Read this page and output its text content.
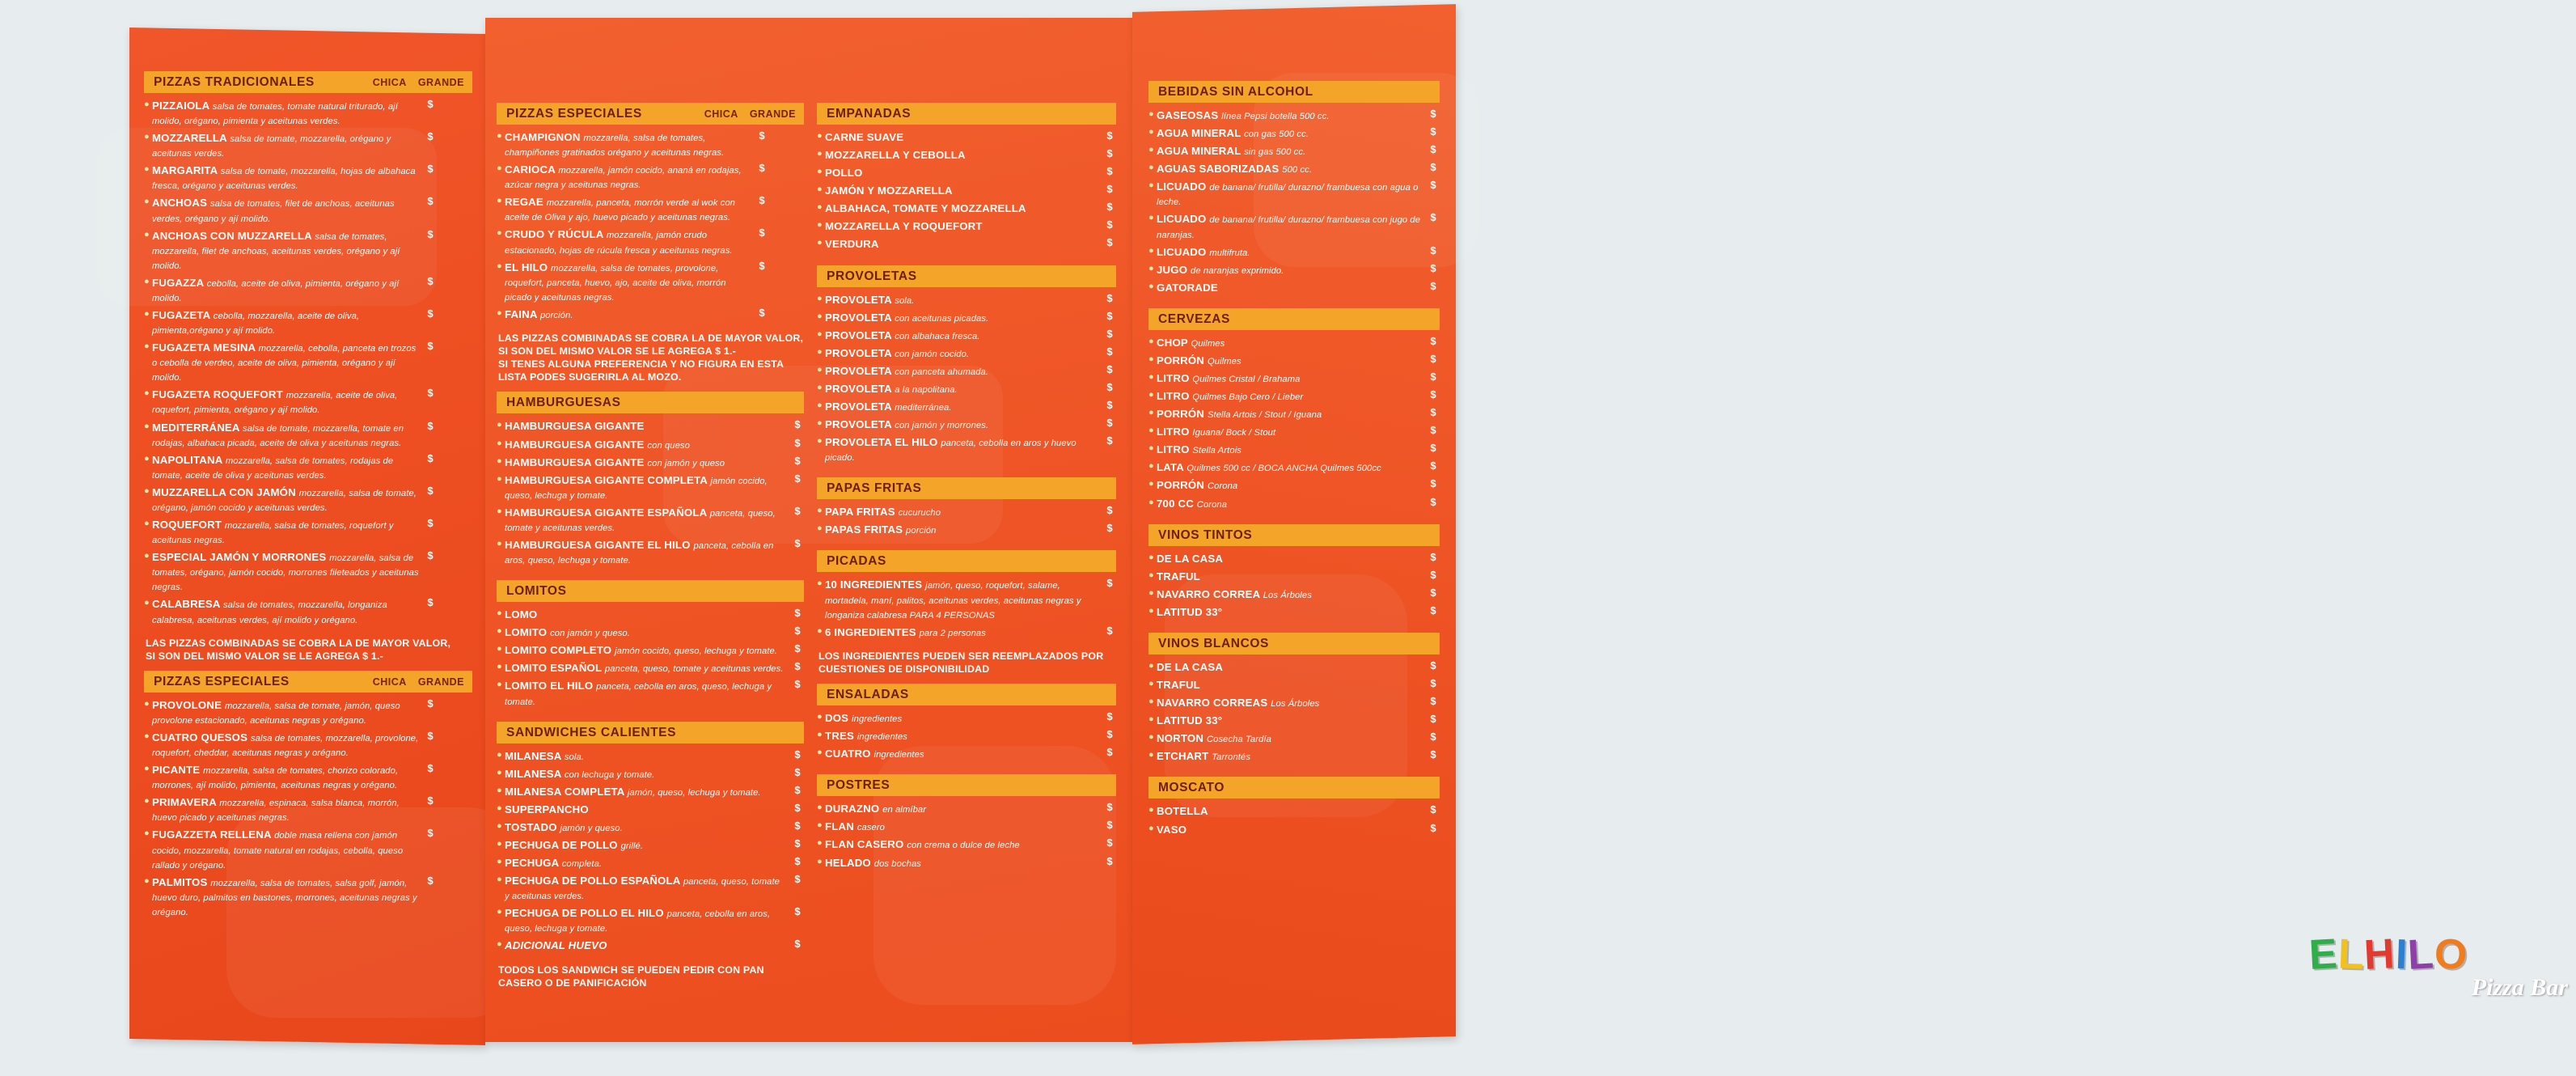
PIZZAS TRADICIONALES	CHICA GRANDE
● PIZZAIOLA salsa de tomates, tomate natural triturado, ají molido, orégano, pimienta y aceitunas verdes.
$
● MOZZARELLA salsa de tomate, mozzarella, orégano y aceitunas verdes.
$
● MARGARITA salsa de tomate, mozzarella, hojas de albahaca fresca, orégano y aceitunas verdes.
$
● ANCHOAS salsa de tomates, filet de anchoas, aceitunas verdes, orégano y ají molido.
$
● ANCHOAS CON MUZZARELLA salsa de tomates, mozzarella, filet de anchoas, aceitunas verdes, orégano y ají molido.
$
● FUGAZZA cebolla, aceite de oliva, pimienta, orégano y ají molido.
$
● FUGAZETA cebolla, mozzarella, aceite de oliva, pimienta,orégano y ají molido.
$
● FUGAZETA MESINA mozzarella, cebolla, panceta en trozos o cebolla de verdeo, aceite de oliva, pimienta, orégano y ají molido.
$
● FUGAZETA ROQUEFORT mozzarella, aceite de oliva, roquefort, pimienta, orégano y ají molido.
$
● MEDITERRÁNEA salsa de tomate, mozzarella, tomate en rodajas, albahaca picada, aceite de oliva y aceitunas negras.
$
● NAPOLITANA mozzarella, salsa de tomates, rodajas de tomate, aceite de oliva y aceitunas verdes.
$
● MUZZARELLA CON JAMÓN mozzarella, salsa de tomate, orégano, jamón cocido y aceitunas verdes.
$
● ROQUEFORT mozzarella, salsa de tomates, roquefort y aceitunas negras.
$
● ESPECIAL JAMÓN Y MORRONES mozzarella, salsa de tomates, orégano, jamón cocido, morrones fileteados y aceitunas negras.
$
● CALABRESA salsa de tomates, mozzarella, longaniza calabresa, aceitunas verdes, ají molido y orégano.
$
LAS PIZZAS COMBINADAS SE COBRA LA DE MAYOR VALOR,
SI SON DEL MISMO VALOR SE LE AGREGA $ 1.-
PIZZAS ESPECIALES	CHICA GRANDE
● PROVOLONE mozzarella, salsa de tomate, jamón, queso provolone estacionado, aceitunas negras y orégano.
$
● CUATRO QUESOS salsa de tomates, mozzarella, provolone, roquefort, cheddar, aceitunas negras y orégano.
$
● PICANTE mozzarella, salsa de tomates, chorizo colorado, morrones, ají molido, pimienta, aceitunas negras y orégano.
$
● PRIMAVERA mozzarella, espinaca, salsa blanca, morrón, huevo picado y aceitunas negras.
$
● FUGAZZETA RELLENA doble masa rellena con jamón cocido, mozzarella, tomate natural en rodajas, cebolla, queso rallado y orégano.
$
● PALMITOS mozzarella, salsa de tomates, salsa golf, jamón, huevo duro, palmitos en bastones, morrones, aceitunas negras y orégano.
$
PIZZAS ESPECIALES	CHICA GRANDE
● CHAMPIGNON mozzarella, salsa de tomates, champiñones gratinados orégano y aceitunas negras.
$
● CARIOCA mozzarella, jamón cocido, ananá en rodajas, azúcar negra y aceitunas negras.
$
● REGAE mozzarella, panceta, morrón verde al wok con aceite de Oliva y ajo, huevo picado y aceitunas negras.
$
● CRUDO Y RÚCULA mozzarella, jamón crudo estacionado, hojas de rúcula fresca y aceitunas negras.
$
● EL HILO mozzarella, salsa de tomates, provolone, roquefort, panceta, huevo, ajo, aceite de oliva, morrón picado y aceitunas negras.
$
● FAINA porción.	$
LAS PIZZAS COMBINADAS SE COBRA LA DE MAYOR VALOR,
SI SON DEL MISMO VALOR SE LE AGREGA $ 1.-
SI TENES ALGUNA PREFERENCIA Y NO FIGURA EN ESTA
LISTA PODES SUGERIRLA AL MOZO.
HAMBURGUESAS
● HAMBURGUESA GIGANTE	$
● HAMBURGUESA GIGANTE con queso	$
● HAMBURGUESA GIGANTE con jamón y queso	$
● HAMBURGUESA GIGANTE COMPLETA jamón cocido, queso, lechuga y tomate.
$
● HAMBURGUESA GIGANTE ESPAÑOLA panceta, queso, tomate y aceitunas verdes.
$
● HAMBURGUESA GIGANTE EL HILO panceta, cebolla en aros, queso, lechuga y tomate.
$
LOMITOS
● LOMO	$
● LOMITO con jamón y queso.	$
● LOMITO COMPLETO jamón cocido, queso, lechuga y tomate.	$
● LOMITO ESPAÑOL panceta, queso, tomate y aceitunas verdes.	$
● LOMITO EL HILO panceta, cebolla en aros, queso, lechuga y tomate.
$
SANDWICHES CALIENTES
● MILANESA sola.	$
● MILANESA con lechuga y tomate.	$
● MILANESA COMPLETA jamón, queso, lechuga y tomate.	$
● SUPERPANCHO	$
● TOSTADO jamón y queso.	$
● PECHUGA DE POLLO grillé.	$
● PECHUGA completa.	$
● PECHUGA DE POLLO ESPAÑOLA panceta, queso, tomate y aceitunas verdes.
$
● PECHUGA DE POLLO EL HILO panceta, cebolla en aros, queso, lechuga y tomate.
$
● ADICIONAL HUEVO	$
TODOS LOS SANDWICH SE PUEDEN PEDIR CON PAN
CASERO O DE PANIFICACIÓN
EMPANADAS
● CARNE SUAVE	$
● MOZZARELLA Y CEBOLLA	$
● POLLO	$
● JAMÓN Y MOZZARELLA	$
● ALBAHACA, TOMATE Y MOZZARELLA	$
● MOZZARELLA Y ROQUEFORT	$
● VERDURA	$
PROVOLETAS
● PROVOLETA sola.	$
● PROVOLETA con aceitunas picadas.	$
● PROVOLETA con albahaca fresca.	$
● PROVOLETA con jamón cocido.	$
● PROVOLETA con panceta ahumada.	$
● PROVOLETA a la napolitana.	$
● PROVOLETA mediterránea.	$
● PROVOLETA con jamón y morrones.	$
● PROVOLETA EL HILO panceta, cebolla en aros y huevo picado.
$
PAPAS FRITAS
● PAPA FRITAS cucurucho	$
● PAPAS FRITAS porción	$
PICADAS
● 10 INGREDIENTES jamón, queso, roquefort, salame, mortadela, maní, palitos, aceitunas verdes, aceitunas negras y longaniza calabresa PARA 4 PERSONAS
$
● 6 INGREDIENTES para 2 personas	$
LOS INGREDIENTES PUEDEN SER REEMPLAZADOS POR
CUESTIONES DE DISPONIBILIDAD
ENSALADAS
● DOS ingredientes	$
● TRES ingredientes	$
● CUATRO ingredientes	$
POSTRES
● DURAZNO en almíbar	$
● FLAN casero	$
● FLAN CASERO con crema o dulce de leche	$
● HELADO dos bochas	$
BEBIDAS SIN ALCOHOL
● GASEOSAS línea Pepsi botella 500 cc.	$
● AGUA MINERAL con gas 500 cc.	$
● AGUA MINERAL sin gas 500 cc.	$
● AGUAS SABORIZADAS 500 cc.	$
● LICUADO de banana/ frutilla/ durazno/ frambuesa con agua o leche.
$
● LICUADO de banana/ frutilla/ durazno/ frambuesa con jugo de naranjas.
$
● LICUADO multifruta.	$
● JUGO de naranjas exprimido.	$
● GATORADE	$
CERVEZAS
● CHOP Quilmes	$
● PORRÓN Quilmes	$
● LITRO Quilmes Cristal / Brahama	$
● LITRO Quilmes Bajo Cero / Lieber	$
● PORRÓN Stella Artois / Stout / Iguana	$
● LITRO Iguana/ Bock / Stout	$
● LITRO Stella Artois	$
● LATA Quilmes 500 cc / BOCA ANCHA Quilmes 500cc	$
● PORRÓN Corona	$
● 700 CC Corona	$
VINOS TINTOS
● DE LA CASA	$
● TRAFUL	$
● NAVARRO CORREA Los Árboles	$
● LATITUD 33°	$
VINOS BLANCOS
● DE LA CASA	$
● TRAFUL	$
● NAVARRO CORREAS Los Árboles	$
● LATITUD 33°	$
● NORTON Cosecha Tardía	$
● ETCHART Tarrontés	$
MOSCATO
● BOTELLA	$
● VASO	$
ELHILO
Pizza Bar
